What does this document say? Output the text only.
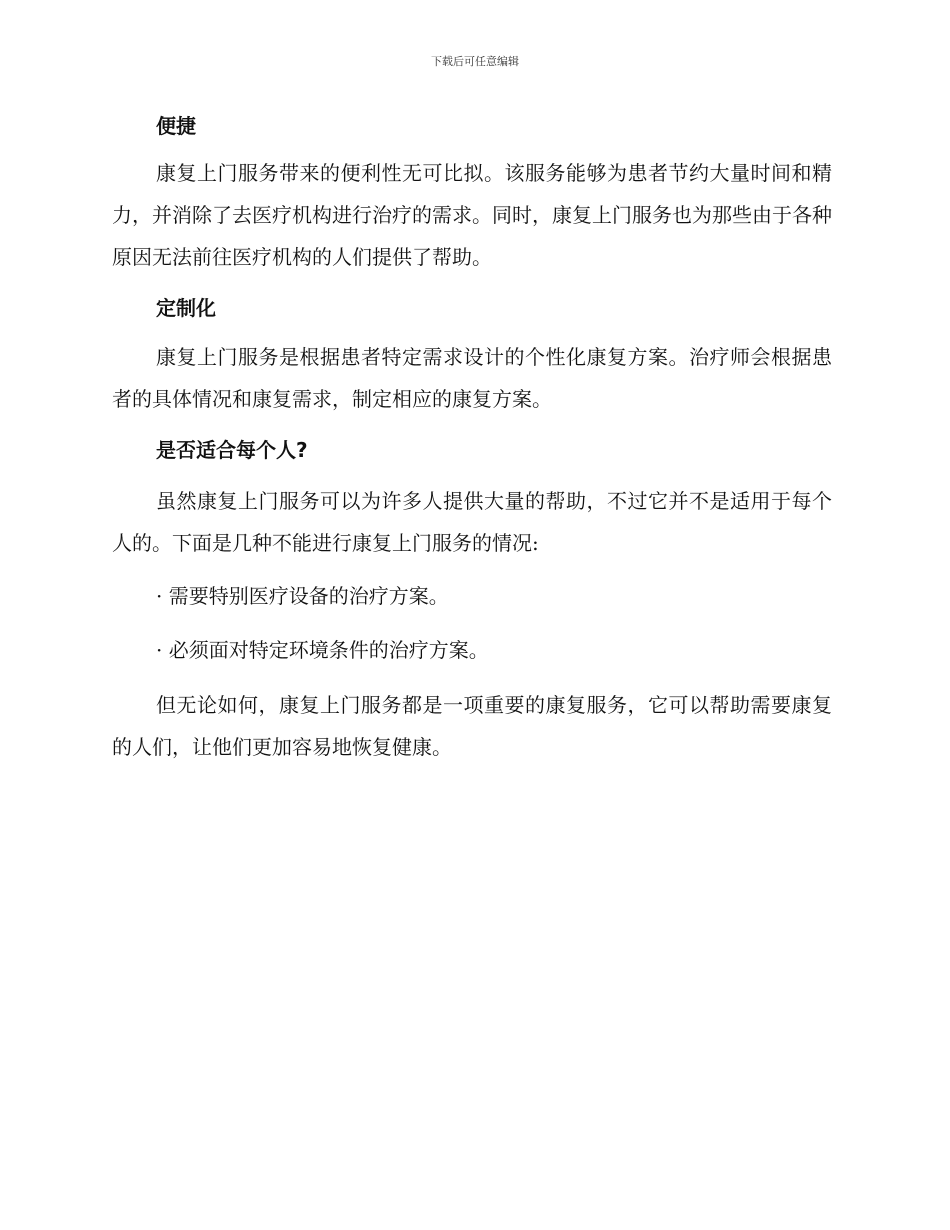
下载后可任意编辑

便捷

康复上门服务带来的便利性无可比拟。该服务能够为患者节约大量时间和精力，并消除了去医疗机构进行治疗的需求。同时，康复上门服务也为那些由于各种原因无法前往医疗机构的人们提供了帮助。

定制化

康复上门服务是根据患者特定需求设计的个性化康复方案。治疗师会根据患者的具体情况和康复需求，制定相应的康复方案。

是否适合每个人?

虽然康复上门服务可以为许多人提供大量的帮助，不过它并不是适用于每个人的。下面是几种不能进行康复上门服务的情况:

· 需要特别医疗设备的治疗方案。

· 必须面对特定环境条件的治疗方案。

但无论如何，康复上门服务都是一项重要的康复服务，它可以帮助需要康复的人们，让他们更加容易地恢复健康。
